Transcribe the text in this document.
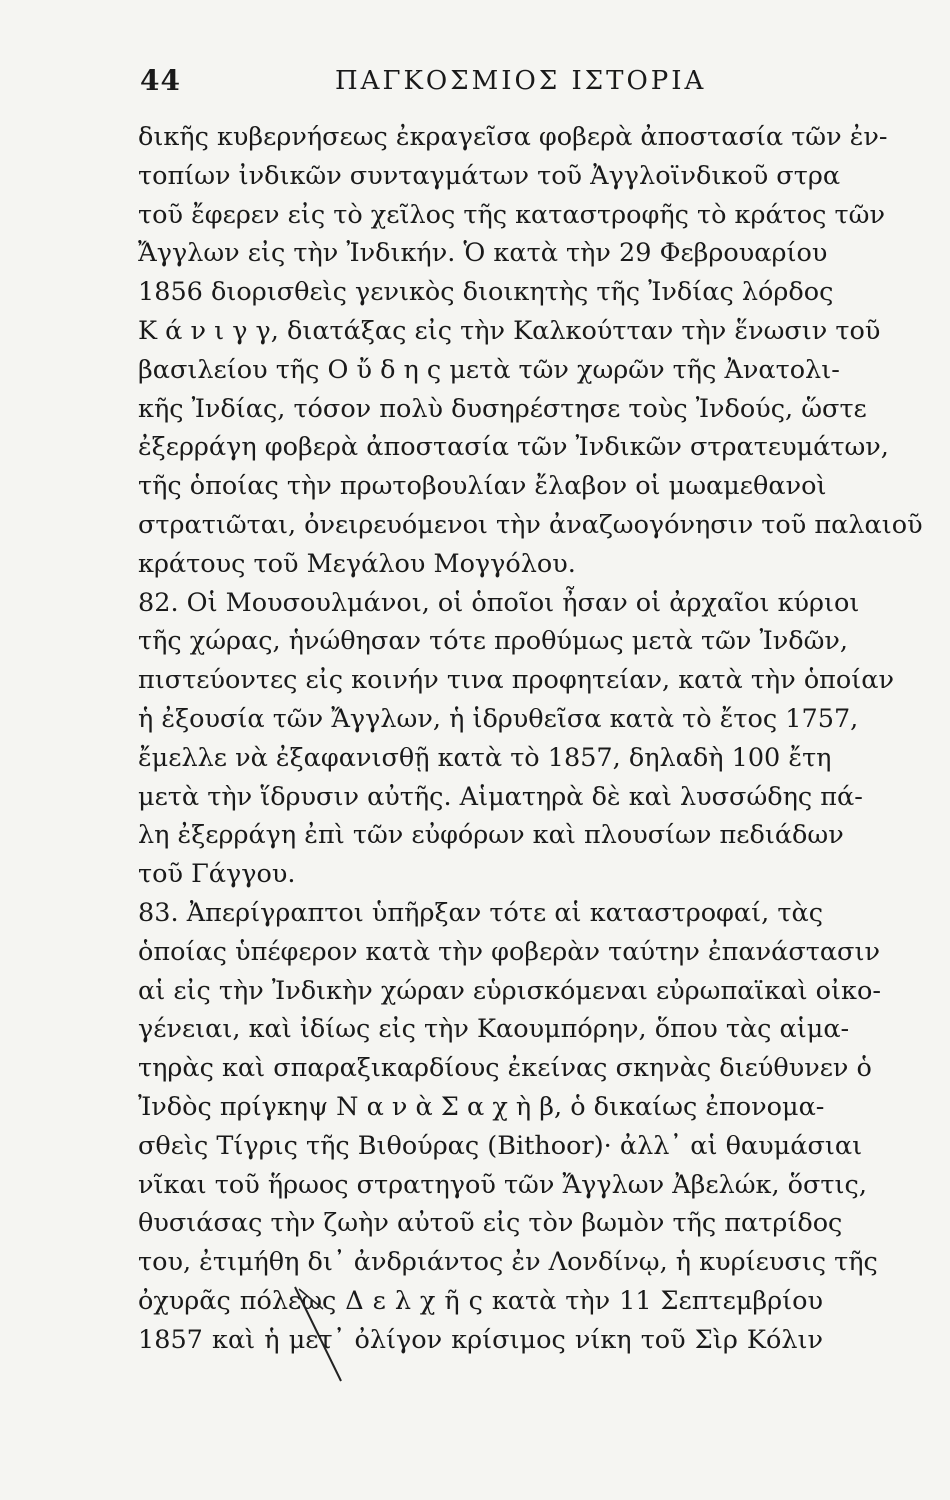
44	ΠΑΓΚΟΣΜΙΟΣ ΙΣΤΟΡΙΑ
δικῆς κυβερνήσεως ἐκραγεῖσα φοβερὰ ἀποστασία τῶν ἐν-
τοπίων ἰνδικῶν συνταγμάτων τοῦ Ἀγγλοϊνδικοῦ στρα
τοῦ ἔφερεν εἰς τὸ χεῖλος τῆς καταστροφῆς τὸ κράτος τῶν
Ἄγγλων εἰς τὴν Ἰνδικήν. Ὁ κατὰ τὴν 29 Φεβρουαρίου
1856 διορισθεὶς γενικὸς διοικητὴς τῆς Ἰνδίας λόρδος
Κ ά ν ι γ γ, διατάξας εἰς τὴν Καλκούτταν τὴν ἕνωσιν τοῦ
βασιλείου τῆς Ο ὔ δ η ς μετὰ τῶν χωρῶν τῆς Ἀνατολι-
κῆς Ἰνδίας, τόσον πολὺ δυσηρέστησε τοὺς Ἰνδούς, ὥστε
ἐξερράγη φοβερὰ ἀποστασία τῶν Ἰνδικῶν στρατευμάτων,
τῆς ὁποίας τὴν πρωτοβουλίαν ἔλαβον οἱ μωαμεθανοὶ
στρατιῶται, ὀνειρευόμενοι τὴν ἀναζωογόνησιν τοῦ παλαιοῦ
κράτους τοῦ Μεγάλου Μογγόλου.
82. Οἱ Μουσουλμάνοι, οἱ ὁποῖοι ἦσαν οἱ ἀρχαῖοι κύριοι
τῆς χώρας, ἡνώθησαν τότε προθύμως μετὰ τῶν Ἰνδῶν,
πιστεύοντες εἰς κοινήν τινα προφητείαν, κατὰ τὴν ὁποίαν
ἡ ἐξουσία τῶν Ἄγγλων, ἡ ἱδρυθεῖσα κατὰ τὸ ἔτος 1757,
ἔμελλε νὰ ἐξαφανισθῇ κατὰ τὸ 1857, δηλαδὴ 100 ἔτη
μετὰ τὴν ἵδρυσιν αὐτῆς. Αἱματηρὰ δὲ καὶ λυσσώδης πά-
λη ἐξερράγη ἐπὶ τῶν εὐφόρων καὶ πλουσίων πεδιάδων
τοῦ Γάγγου.
83. Ἀπερίγραπτοι ὑπῆρξαν τότε αἱ καταστροφαί, τὰς
ὁποίας ὑπέφερον κατὰ τὴν φοβερὰν ταύτην ἐπανάστασιν
αἱ εἰς τὴν Ἰνδικὴν χώραν εὑρισκόμεναι εὐρωπαϊκαὶ οἰκο-
γένειαι, καὶ ἰδίως εἰς τὴν Καουμπόρην, ὅπου τὰς αἱμα-
τηρὰς καὶ σπαραξικαρδίους ἐκείνας σκηνὰς διεύθυνεν ὁ
Ἰνδὸς πρίγκηψ Ν α ν ὰ Σ α χ ὴ β, ὁ δικαίως ἐπονομα-
σθεὶς Τίγρις τῆς Βιθούρας (Bithoor)· ἀλλ᾽ αἱ θαυμάσιαι
νῖκαι τοῦ ἥρωος στρατηγοῦ τῶν Ἄγγλων Ἀβελώκ, ὅστις,
θυσιάσας τὴν ζωὴν αὐτοῦ εἰς τὸν βωμὸν τῆς πατρίδος
του, ἐτιμήθη δι᾽ ἀνδριάντος ἐν Λονδίνῳ, ἡ κυρίευσις τῆς
ὀχυρᾶς πόλεως Δ ε λ χ ῆ ς κατὰ τὴν 11 Σεπτεμβρίου
1857 καὶ ἡ μετ᾽ ὀλίγον κρίσιμος νίκη τοῦ Σὶρ Κόλιν
